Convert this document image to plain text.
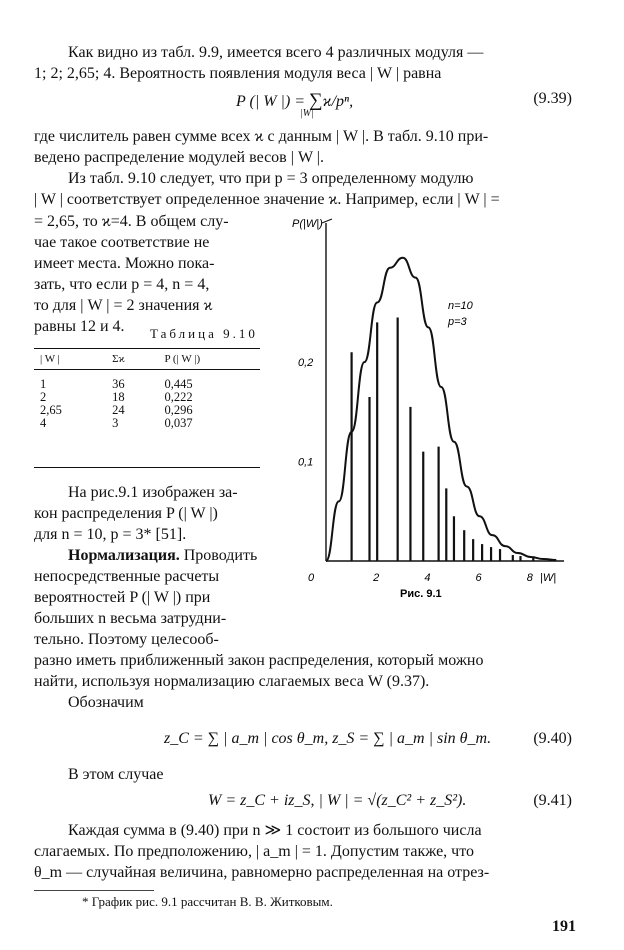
Как видно из табл. 9.9, имеется всего 4 различных модуля —
1; 2; 2,65; 4. Вероятность появления модуля веса | W | равна
P (| W |) = ∑ϰ/pⁿ,
|W|
(9.39)
где числитель равен сумме всех ϰ с данным | W |. В табл. 9.10 при-
ведено распределение модулей весов | W |.
Из табл. 9.10 следует, что при p = 3 определенному модулю
| W | соответствует определенное значение ϰ. Например, если | W | =
= 2,65, то ϰ=4. В общем слу-
чае такое соответствие не
имеет места. Можно пока-
зать, что если p = 4, n = 4,
то для | W | = 2 значения ϰ
равны 12 и 4. Таблица 9.10
| W |	Σϰ	P (| W |)

1	36	0,445
2	18	0,222
2,65	24	0,296
4	3	0,037
На рис.9.1 изображен за-
кон распределения P (| W |)
для n = 10, p = 3* [51].
Нормализация. Проводить
непосредственные расчеты
вероятностей P (| W |) при
больших n весьма затрудни-
тельно. Поэтому целесооб-
разно иметь приближенный закон распределения, который можно
найти, используя нормализацию слагаемых веса W (9.37).
Обозначим
z_C = ∑ | a_m | cos θ_m, z_S = ∑ | a_m | sin θ_m.	(9.40)
В этом случае
W = z_C + iz_S, | W | = √(z_C² + z_S²).	(9.41)
Каждая сумма в (9.40) при n ≫ 1 состоит из большого числа
слагаемых. По предположению, | a_m | = 1. Допустим также, что
θ_m — случайная величина, равномерно распределенная на отрез-
* График рис. 9.1 рассчитан В. В. Житковым.
191
0,1
0,2
0	2	4	6	8
P(|W|)
|W|
n=10
p=3
Рис. 9.1
